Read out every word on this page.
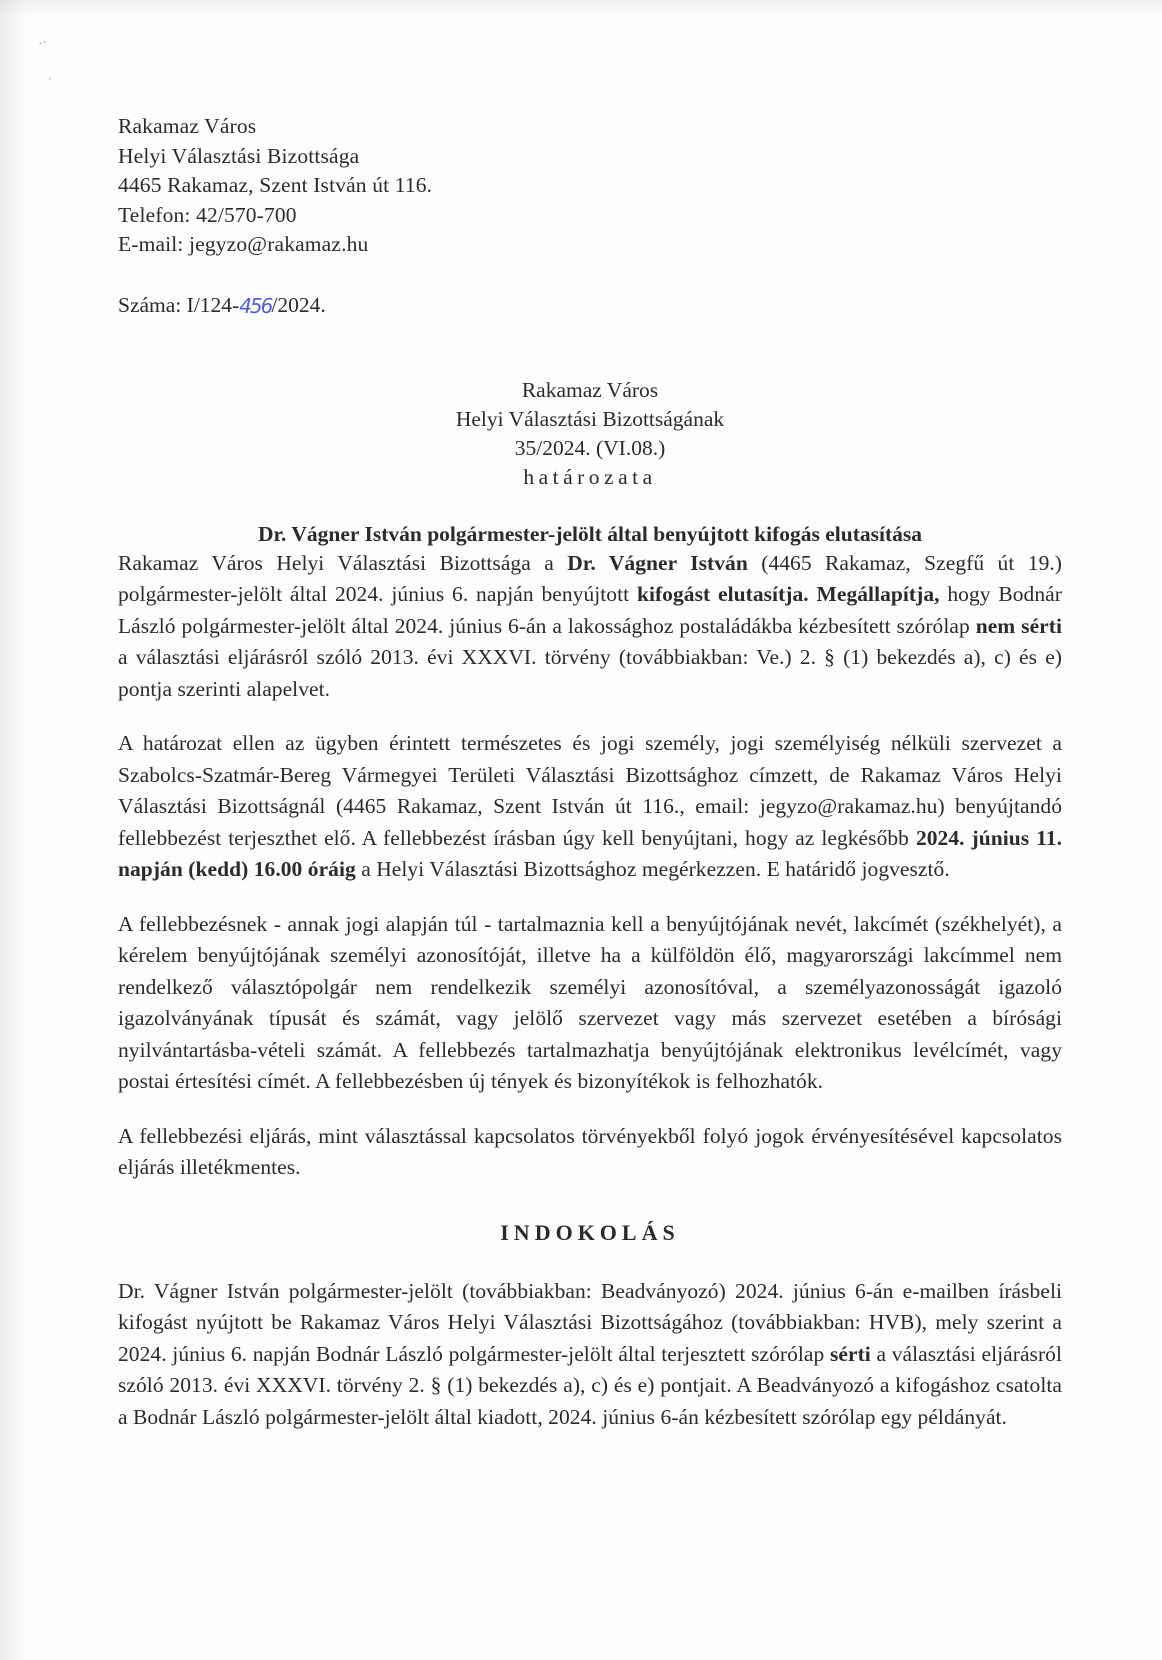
··
·
Rakamaz Város
Helyi Választási Bizottsága
4465 Rakamaz, Szent István út 116.
Telefon: 42/570-700
E-mail: jegyzo@rakamaz.hu
Száma: I/124-456/2024.
Rakamaz Város
Helyi Választási Bizottságának
35/2024. (VI.08.)
határozata
Dr. Vágner István polgármester-jelölt által benyújtott kifogás elutasítása

Rakamaz Város Helyi Választási Bizottsága a Dr. Vágner István (4465 Rakamaz, Szegfű út 19.) polgármester-jelölt által 2024. június 6. napján benyújtott kifogást elutasítja. Megállapítja, hogy Bodnár László polgármester-jelölt által 2024. június 6-án a lakossághoz postaládákba kézbesített szórólap nem sérti a választási eljárásról szóló 2013. évi XXXVI. törvény (továbbiakban: Ve.) 2. § (1) bekezdés a), c) és e) pontja szerinti alapelvet.

A határozat ellen az ügyben érintett természetes és jogi személy, jogi személyiség nélküli szervezet a Szabolcs-Szatmár-Bereg Vármegyei Területi Választási Bizottsághoz címzett, de Rakamaz Város Helyi Választási Bizottságnál (4465 Rakamaz, Szent István út 116., email: jegyzo@rakamaz.hu) benyújtandó fellebbezést terjeszthet elő. A fellebbezést írásban úgy kell benyújtani, hogy az legkésőbb 2024. június 11. napján (kedd) 16.00 óráig a Helyi Választási Bizottsághoz megérkezzen. E határidő jogvesztő.

A fellebbezésnek - annak jogi alapján túl - tartalmaznia kell a benyújtójának nevét, lakcímét (székhelyét), a kérelem benyújtójának személyi azonosítóját, illetve ha a külföldön élő, magyarországi lakcímmel nem rendelkező választópolgár nem rendelkezik személyi azonosítóval, a személyazonosságát igazoló igazolványának típusát és számát, vagy jelölő szervezet vagy más szervezet esetében a bírósági nyilvántartásba-vételi számát. A fellebbezés tartalmazhatja benyújtójának elektronikus levélcímét, vagy postai értesítési címét. A fellebbezésben új tények és bizonyítékok is felhozhatók.

A fellebbezési eljárás, mint választással kapcsolatos törvényekből folyó jogok érvényesítésével kapcsolatos eljárás illetékmentes.

INDOKOLÁS

Dr. Vágner István polgármester-jelölt (továbbiakban: Beadványozó) 2024. június 6-án e-mailben írásbeli kifogást nyújtott be Rakamaz Város Helyi Választási Bizottságához (továbbiakban: HVB), mely szerint a 2024. június 6. napján Bodnár László polgármester-jelölt által terjesztett szórólap sérti a választási eljárásról szóló 2013. évi XXXVI. törvény 2. § (1) bekezdés a), c) és e) pontjait. A Beadványozó a kifogáshoz csatolta a Bodnár László polgármester-jelölt által kiadott, 2024. június 6-án kézbesített szórólap egy példányát.
